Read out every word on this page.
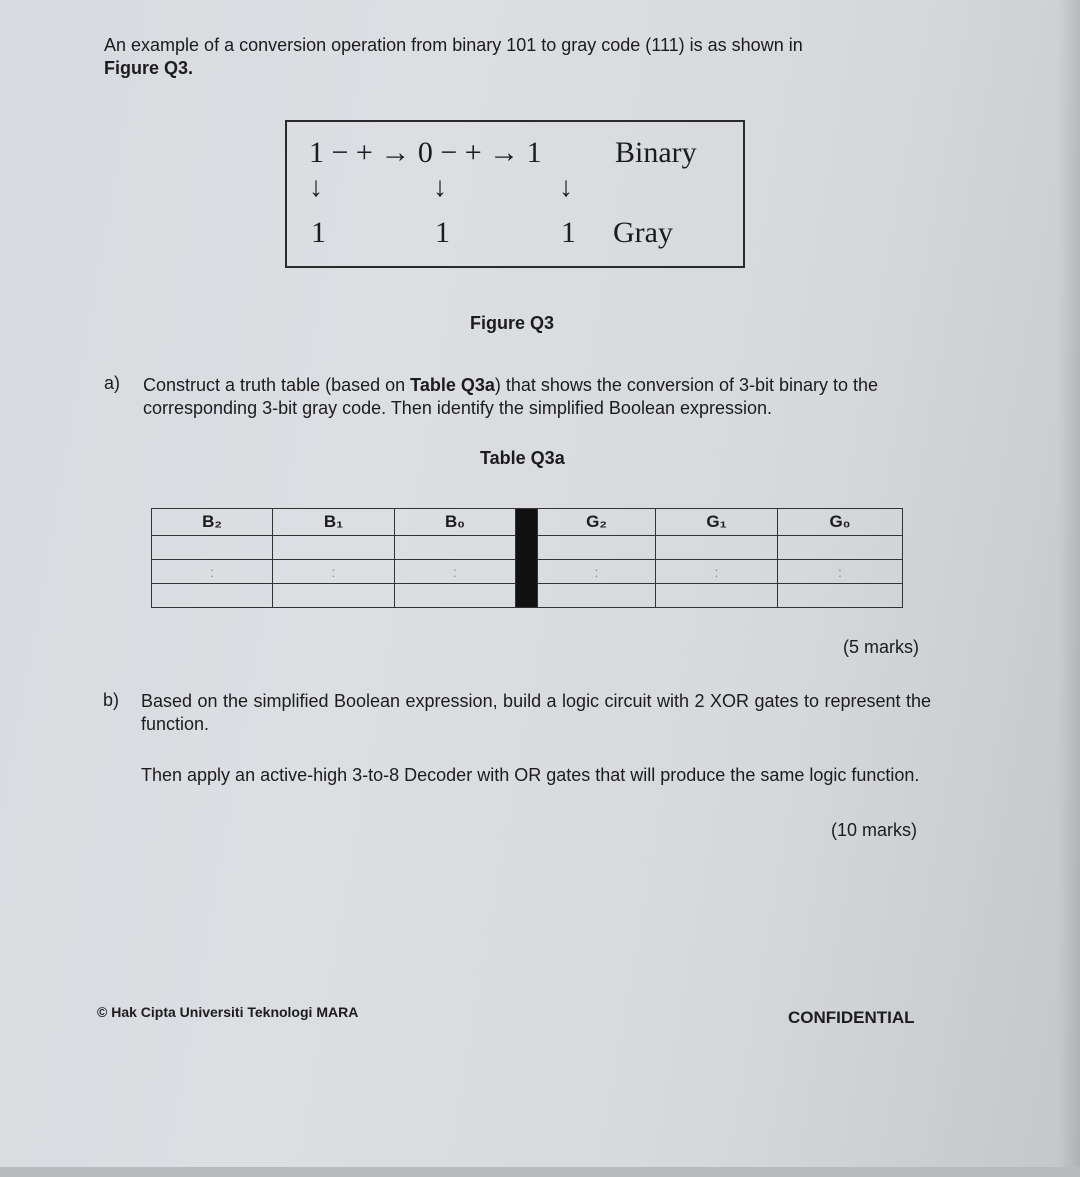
An example of a conversion operation from binary 101 to gray code (111) is as shown in
Figure Q3.
1 − + → 0 − + → 1 Binary
↓	↓	↓
1	1	1 Gray
Figure Q3
a) Construct a truth table (based on Table Q3a) that shows the conversion of 3-bit binary to the corresponding 3-bit gray code. Then identify the simplified Boolean expression.
Table Q3a
B₂	B₁	B₀		G₂	G₁	G₀

:	:	:		:	:	:

(5 marks)
b) Based on the simplified Boolean expression, build a logic circuit with 2 XOR gates to represent the function.
Then apply an active-high 3-to-8 Decoder with OR gates that will produce the same logic function.
(10 marks)
© Hak Cipta Universiti Teknologi MARA	CONFIDENTIAL
